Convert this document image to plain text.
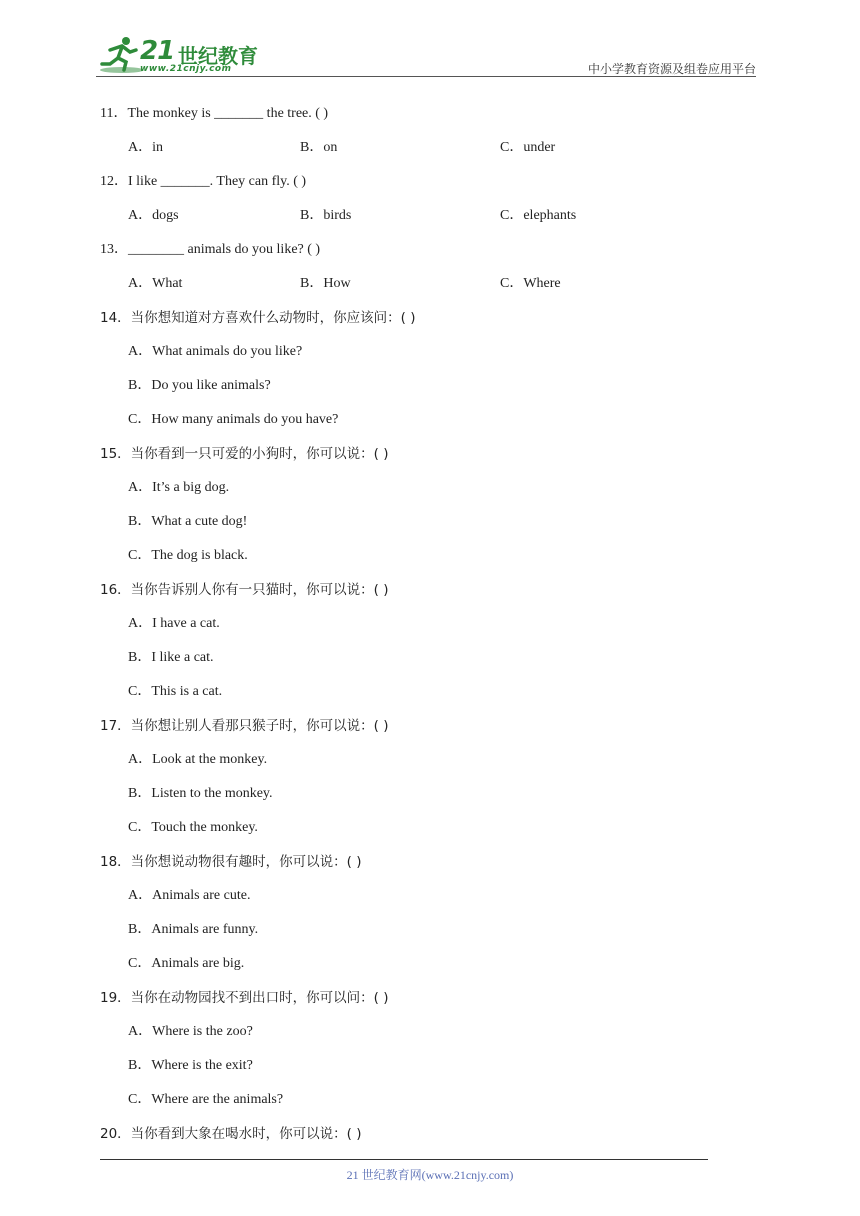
21 世纪教育
www.21cnjy.com	中小学教育资源及组卷应用平台
11．The monkey is _______ the tree. ( )
A．in	B．on	C．under
12．I like _______. They can fly. ( )
A．dogs	B．birds	C．elephants
13．________ animals do you like? ( )
A．What	B．How	C．Where
14．当你想知道对方喜欢什么动物时，你应该问：( )
A．What animals do you like?
B．Do you like animals?
C．How many animals do you have?
15．当你看到一只可爱的小狗时，你可以说：( )
A．It’s a big dog.
B．What a cute dog!
C．The dog is black.
16．当你告诉别人你有一只猫时，你可以说：( )
A．I have a cat.
B．I like a cat.
C．This is a cat.
17．当你想让别人看那只猴子时，你可以说：( )
A．Look at the monkey.
B．Listen to the monkey.
C．Touch the monkey.
18．当你想说动物很有趣时，你可以说：( )
A．Animals are cute.
B．Animals are funny.
C．Animals are big.
19．当你在动物园找不到出口时，你可以问：( )
A．Where is the zoo?
B．Where is the exit?
C．Where are the animals?
20．当你看到大象在喝水时，你可以说：( )
21 世纪教育网(www.21cnjy.com)
